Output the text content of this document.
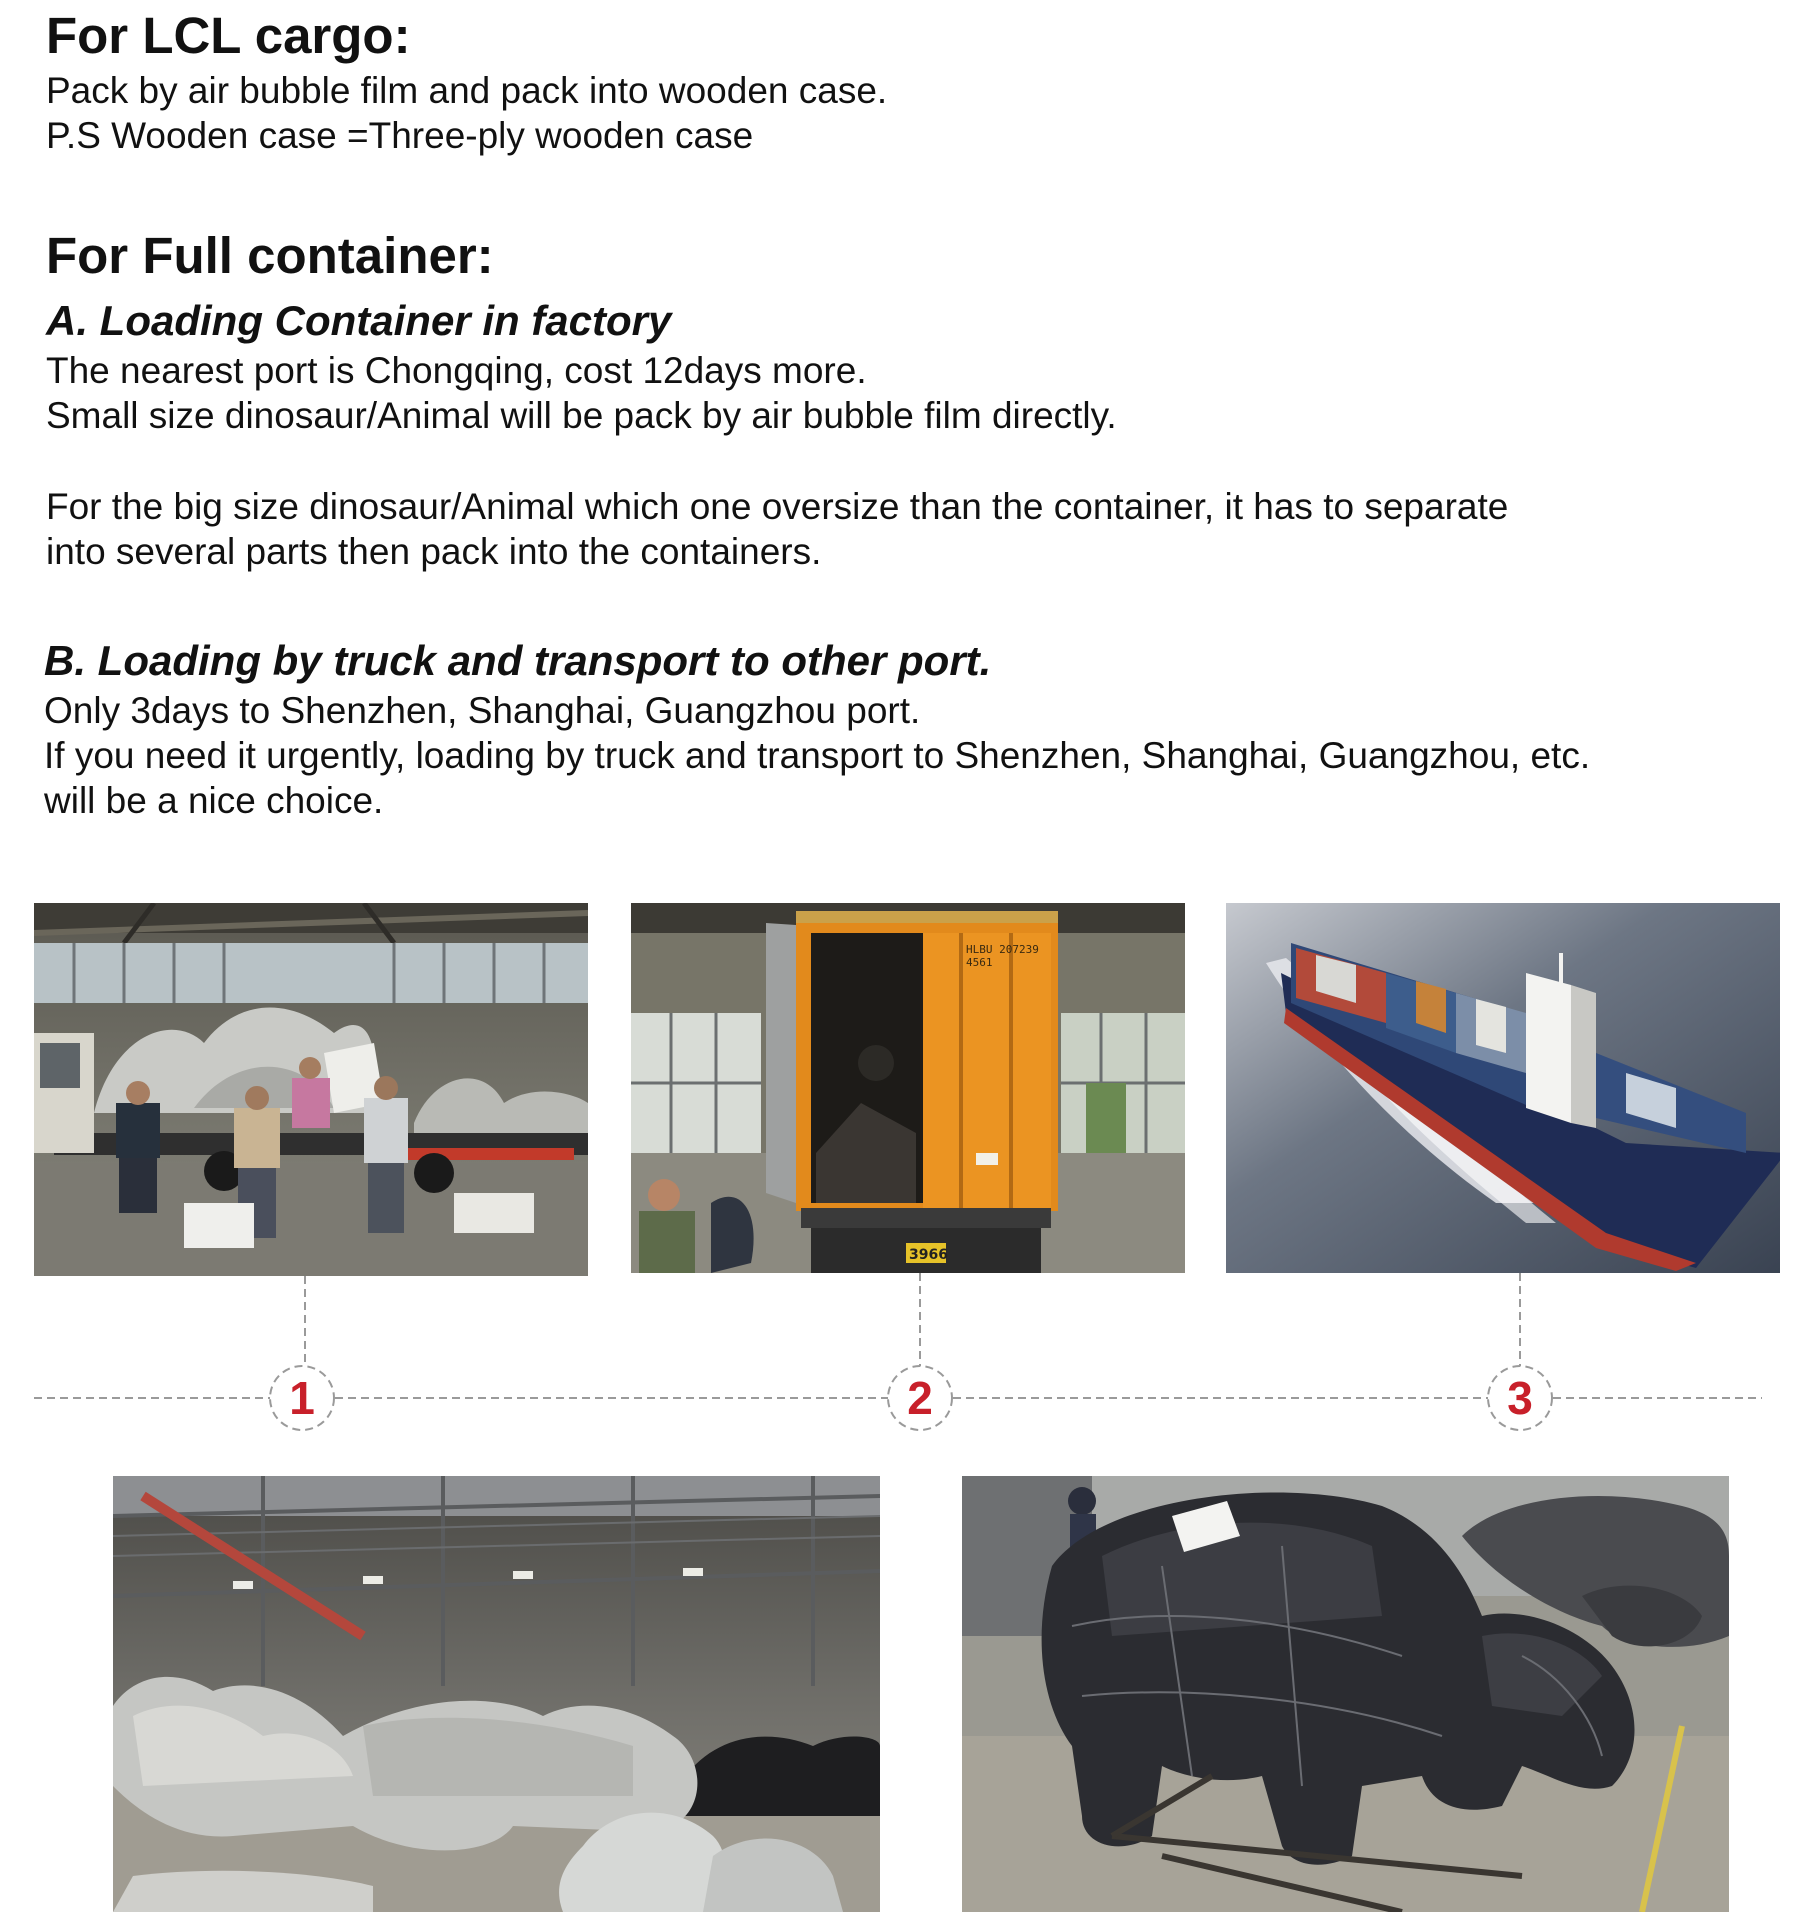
For LCL cargo:
Pack by air bubble film and pack into wooden case.
P.S Wooden case =Three-ply wooden case
For Full container:
A. Loading Container in factory
The nearest port is Chongqing, cost 12days more.
Small size dinosaur/Animal will be pack by air bubble film directly.
For the big size dinosaur/Animal which one oversize than the container, it has to separate
into several parts then pack into the containers.
B. Loading by truck and transport to other port.
Only 3days to Shenzhen, Shanghai, Guangzhou port.
If you need it urgently, loading by truck and transport to Shenzhen, Shanghai, Guangzhou, etc.
will be a nice choice.
HLBU 207239
4561
3966
1	2	3
